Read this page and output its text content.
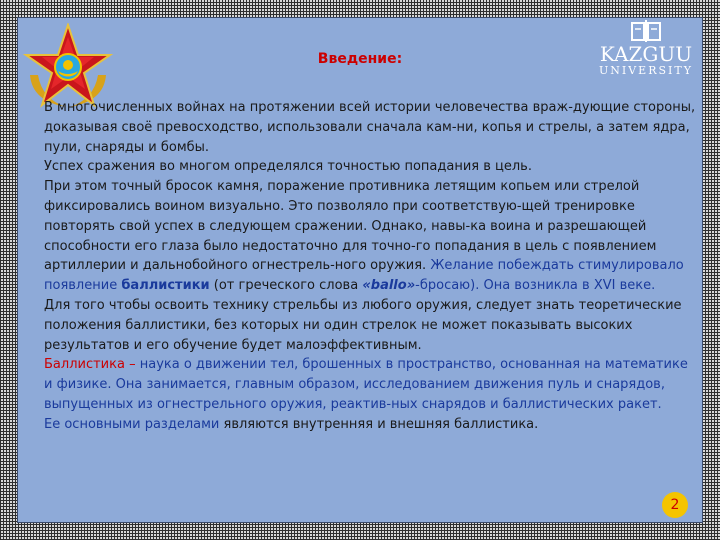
Введение:	KAZGUU
UNIVERSITY

В многочисленных войнах на протяжении всей истории человечества враж-дующие стороны, доказывая своё превосходство, использовали сначала кам-ни, копья и стрелы, а затем ядра, пули, снаряды и бомбы.

Успех сражения во многом определялся точностью попадания в цель.

При этом точный бросок камня, поражение противника летящим копьем или стрелой фиксировались воином визуально. Это позволяло при соответствую-щей тренировке повторять свой успех в следующем сражении. Однако, навы-ка воина и разрешающей способности его глаза было недостаточно для точно-го попадания в цель с появлением артиллерии и дальнобойного огнестрель-ного оружия. Желание побеждать стимулировало появление баллистики (от греческого слова «ballo»-бросаю). Она возникла в XVI веке.

Для того чтобы освоить технику стрельбы из любого оружия, следует знать теоретические положения баллистики, без которых ни один стрелок не может показывать высоких результатов и его обучение будет малоэффективным.

Баллистика – наука о движении тел, брошенных в пространство, основанная на математике и физике. Она занимается, главным образом, исследованием движения пуль и снарядов, выпущенных из огнестрельного оружия, реактив-ных снарядов и баллистических ракет.

Ее основными разделами являются внутренняя и внешняя баллистика.

2
